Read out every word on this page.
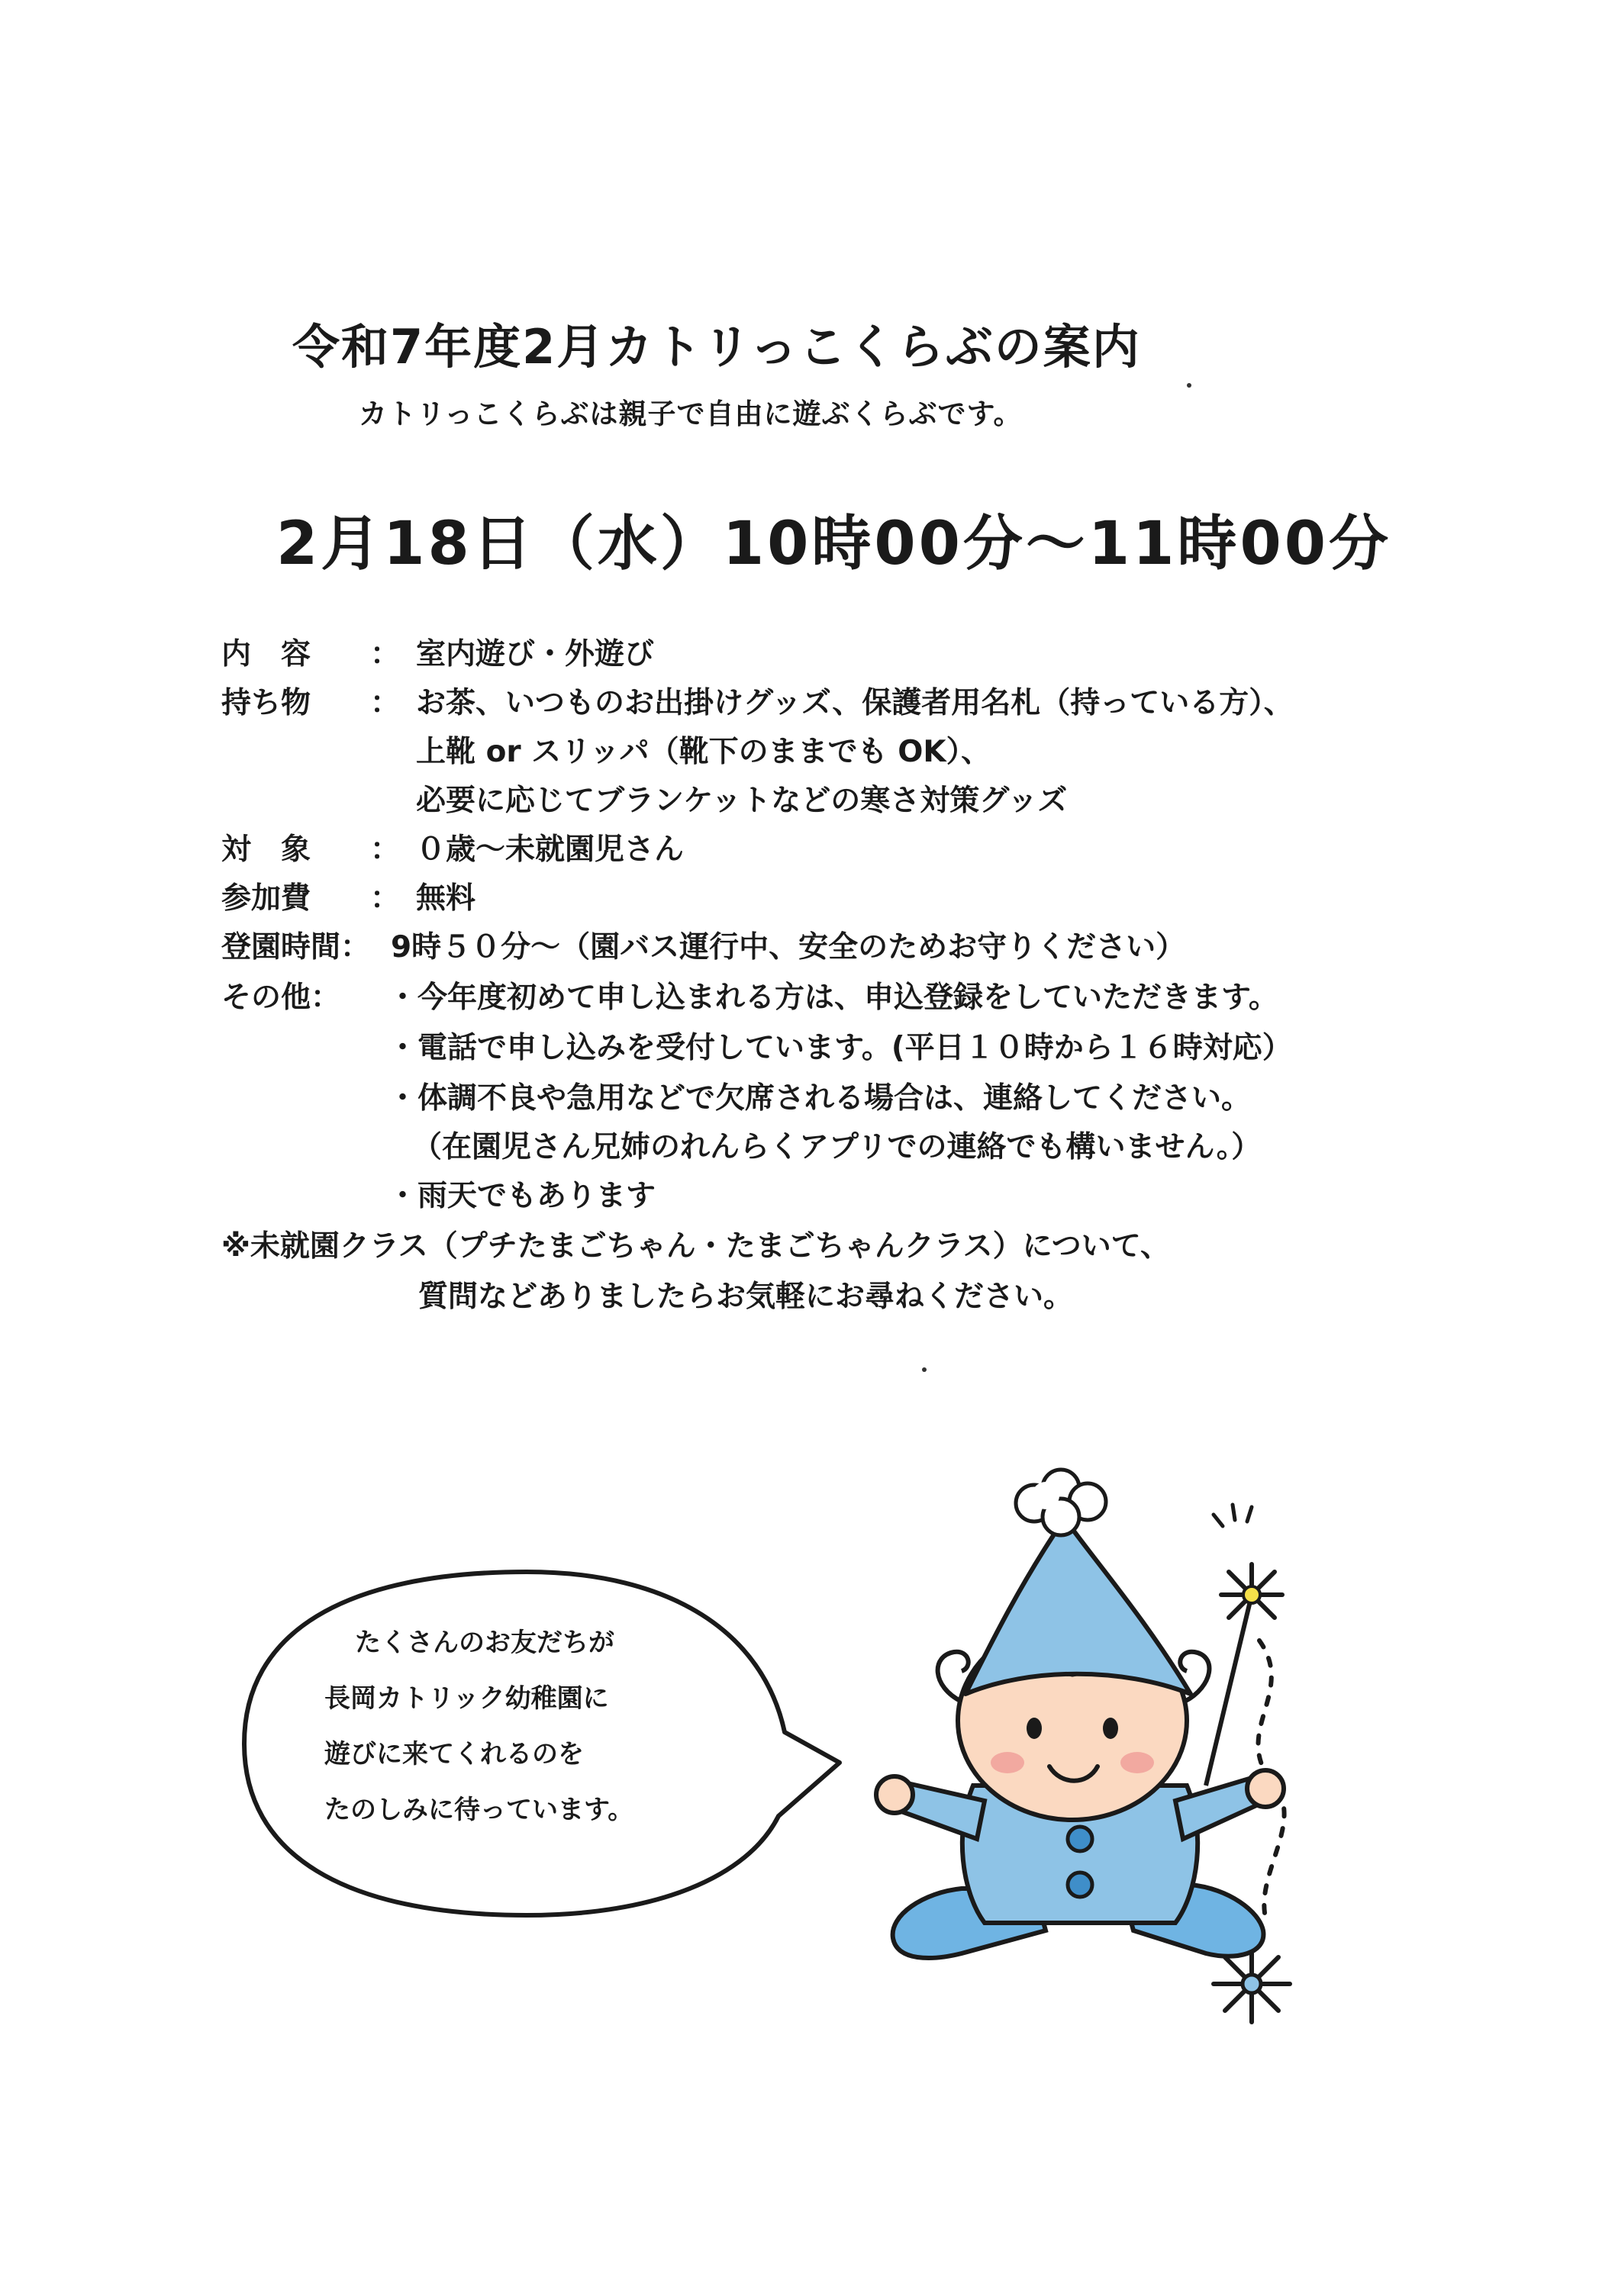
令和7年度2月カトリっこくらぶの案内
カトリっこくらぶは親子で自由に遊ぶくらぶです。
2月18日（水）10時00分～11時00分
内　容 ： 室内遊び・外遊び
持ち物 ： お茶、いつものお出掛けグッズ、保護者用名札（持っている方）、
上靴 or スリッパ（靴下のままでも OK）、
必要に応じてブランケットなどの寒さ対策グッズ
対　象 ： ０歳～未就園児さん
参加費 ： 無料
登園時間： 9時５０分～（園バス運行中、安全のためお守りください）
その他： ・今年度初めて申し込まれる方は、申込登録をしていただきます。
・電話で申し込みを受付しています。(平日１０時から１６時対応）
・体調不良や急用などで欠席される場合は、連絡してください。
（在園児さん兄姉のれんらくアプリでの連絡でも構いません。）
・雨天でもあります
※未就園クラス（プチたまごちゃん・たまごちゃんクラス）について、
質問などありましたらお気軽にお尋ねください。
たくさんのお友だちが
長岡カトリック幼稚園に
遊びに来てくれるのを
たのしみに待っています。
